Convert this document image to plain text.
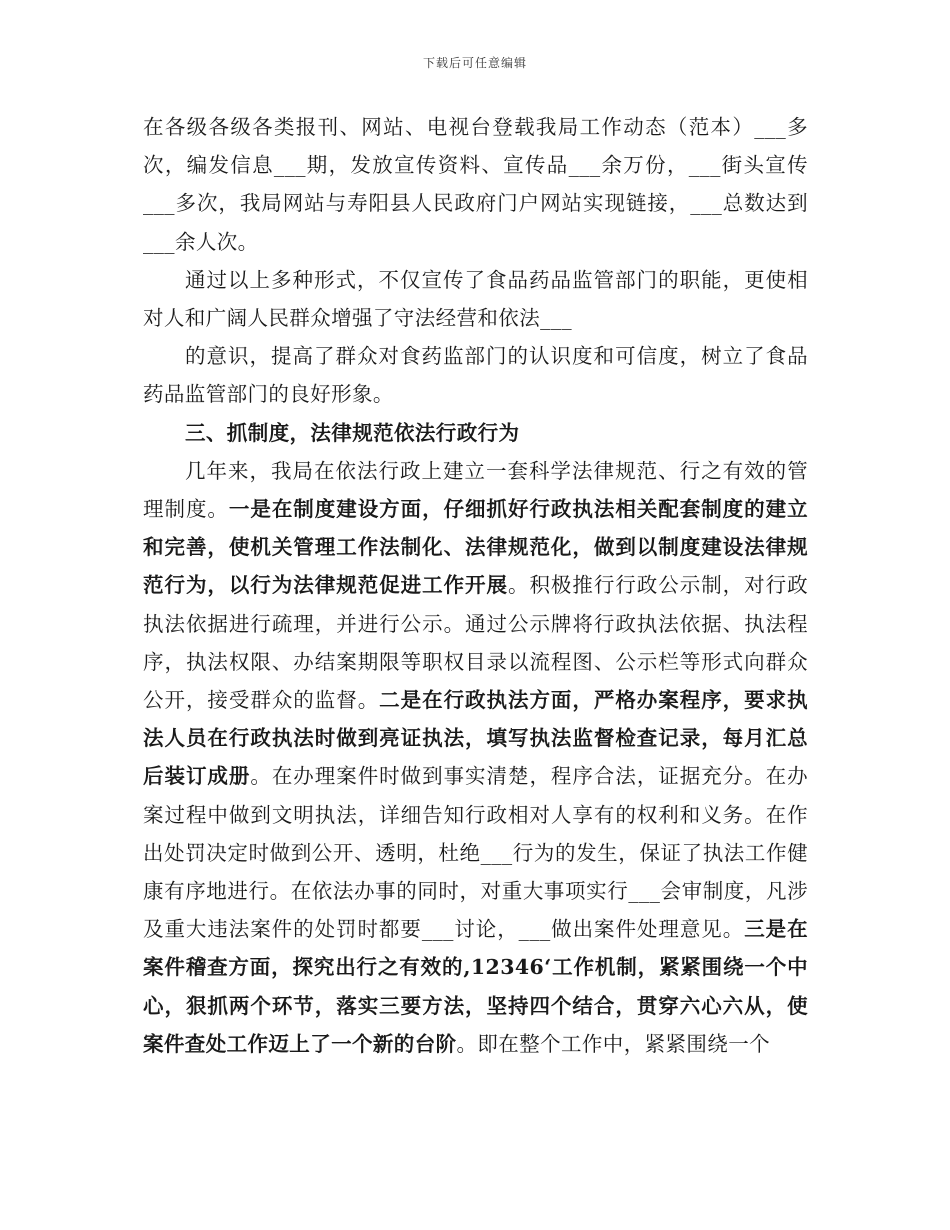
下载后可任意编辑

在各级各级各类报刊、网站、电视台登载我局工作动态（范本）___多次，编发信息___期，发放宣传资料、宣传品___余万份，___街头宣传___多次，我局网站与寿阳县人民政府门户网站实现链接，___总数达到___余人次。

通过以上多种形式，不仅宣传了食品药品监管部门的职能，更使相对人和广阔人民群众增强了守法经营和依法___

的意识，提高了群众对食药监部门的认识度和可信度，树立了食品药品监管部门的良好形象。

三、抓制度，法律规范依法行政行为

几年来，我局在依法行政上建立一套科学法律规范、行之有效的管理制度。一是在制度建设方面，仔细抓好行政执法相关配套制度的建立和完善，使机关管理工作法制化、法律规范化，做到以制度建设法律规范行为，以行为法律规范促进工作开展。积极推行行政公示制，对行政执法依据进行疏理，并进行公示。通过公示牌将行政执法依据、执法程序，执法权限、办结案期限等职权目录以流程图、公示栏等形式向群众公开，接受群众的监督。二是在行政执法方面，严格办案程序，要求执法人员在行政执法时做到亮证执法，填写执法监督检查记录，每月汇总后装订成册。在办理案件时做到事实清楚，程序合法，证据充分。在办案过程中做到文明执法，详细告知行政相对人享有的权利和义务。在作出处罚决定时做到公开、透明，杜绝___行为的发生，保证了执法工作健康有序地进行。在依法办事的同时，对重大事项实行___会审制度，凡涉及重大违法案件的处罚时都要___讨论，___做出案件处理意见。三是在案件稽查方面，探究出行之有效的,12346‘工作机制，紧紧围绕一个中心，狠抓两个环节，落实三要方法，坚持四个结合，贯穿六心六从，使案件查处工作迈上了一个新的台阶。即在整个工作中，紧紧围绕一个
